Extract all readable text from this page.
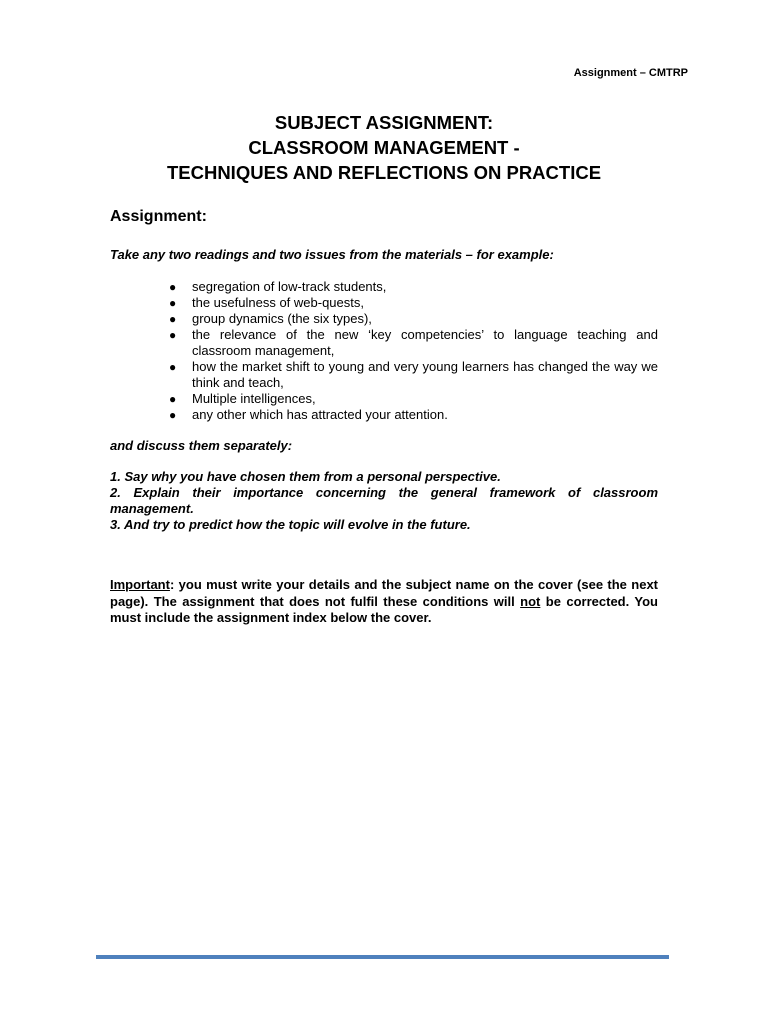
Assignment – CMTRP
SUBJECT ASSIGNMENT:
CLASSROOM MANAGEMENT -
TECHNIQUES AND REFLECTIONS ON PRACTICE
Assignment:
Take any two readings and two issues from the materials – for example:
● segregation of low-track students,
● the usefulness of web-quests,
● group dynamics (the six types),
● the relevance of the new ‘key competencies’ to language teaching and classroom management,
● how the market shift to young and very young learners has changed the way we think and teach,
● Multiple intelligences,
● any other which has attracted your attention.
and discuss them separately:
1. Say why you have chosen them from a personal perspective.
2. Explain their importance concerning the general framework of classroom management.
3. And try to predict how the topic will evolve in the future.
Important: you must write your details and the subject name on the cover (see the next page). The assignment that does not fulfil these conditions will not be corrected. You must include the assignment index below the cover.
